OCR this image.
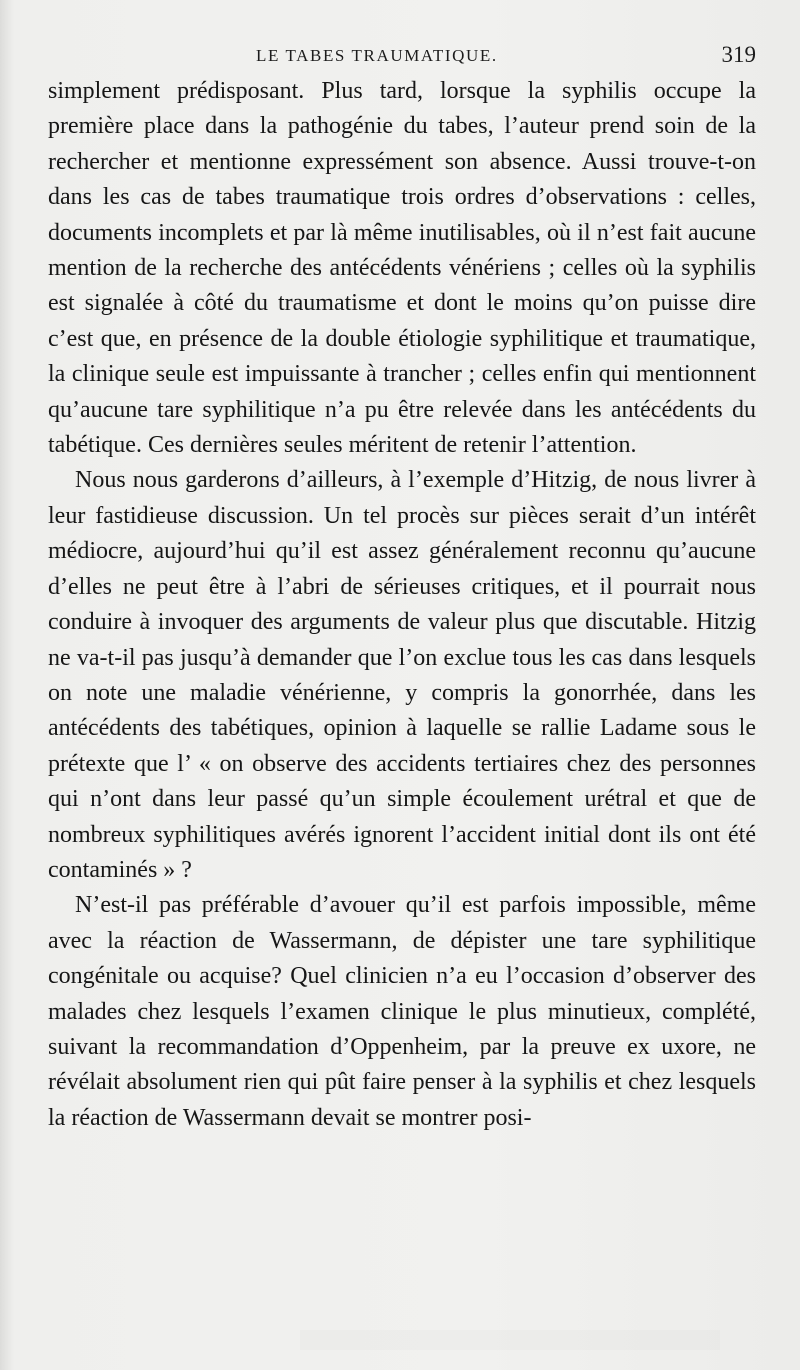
LE TABES TRAUMATIQUE.	319

simplement prédisposant. Plus tard, lorsque la syphilis occupe la première place dans la pathogénie du tabes, l’auteur prend soin de la rechercher et mentionne expressément son absence. Aussi trouve-t-on dans les cas de tabes traumatique trois ordres d’observations : celles, documents incomplets et par là même inutilisables, où il n’est fait aucune mention de la recherche des antécédents vénériens ; celles où la syphilis est signalée à côté du traumatisme et dont le moins qu’on puisse dire c’est que, en présence de la double étiologie syphilitique et traumatique, la clinique seule est impuissante à trancher ; celles enfin qui mentionnent qu’aucune tare syphilitique n’a pu être relevée dans les antécédents du tabétique. Ces dernières seules méritent de retenir l’attention.

Nous nous garderons d’ailleurs, à l’exemple d’Hitzig, de nous livrer à leur fastidieuse discussion. Un tel procès sur pièces serait d’un intérêt médiocre, aujourd’hui qu’il est assez généralement reconnu qu’aucune d’elles ne peut être à l’abri de sérieuses critiques, et il pourrait nous conduire à invoquer des arguments de valeur plus que discutable. Hitzig ne va-t-il pas jusqu’à demander que l’on exclue tous les cas dans lesquels on note une maladie vénérienne, y compris la gonorrhée, dans les antécédents des tabétiques, opinion à laquelle se rallie Ladame sous le prétexte que l’ « on observe des accidents tertiaires chez des personnes qui n’ont dans leur passé qu’un simple écoulement urétral et que de nombreux syphilitiques avérés ignorent l’accident initial dont ils ont été contaminés » ?

N’est-il pas préférable d’avouer qu’il est parfois impossible, même avec la réaction de Wassermann, de dépister une tare syphilitique congénitale ou acquise? Quel clinicien n’a eu l’occasion d’observer des malades chez lesquels l’examen clinique le plus minutieux, complété, suivant la recommandation d’Oppenheim, par la preuve ex uxore, ne révélait absolument rien qui pût faire penser à la syphilis et chez lesquels la réaction de Wassermann devait se montrer posi-
